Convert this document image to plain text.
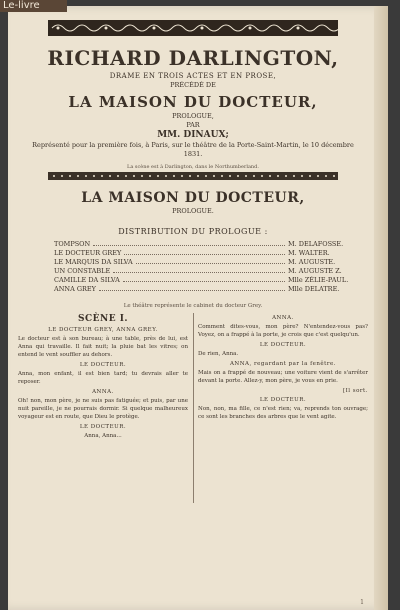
Le-livre
RICHARD DARLINGTON,
DRAME EN TROIS ACTES ET EN PROSE,
PRÉCÉDÉ DE
LA MAISON DU DOCTEUR,
PROLOGUE,
PAR
MM. DINAUX;
Représenté pour la première fois, à Paris, sur le théâtre de la Porte-Saint-Martin, le 10 décembre 1831.
La scène est à Darlington, dans le Northumberland.
LA MAISON DU DOCTEUR,
PROLOGUE.
DISTRIBUTION DU PROLOGUE :
TOMPSON	M. DELAFOSSE.
LE DOCTEUR GREY	M. WALTER.
LE MARQUIS DA SILVA	M. AUGUSTE.
UN CONSTABLE	M. AUGUSTE Z.
CAMILLE DA SILVA	Mlle ZÉLIE-PAUL.
ANNA GREY	Mlle DELATRE.
Le théâtre représente le cabinet du docteur Grey.
SCÈNE I.
LE DOCTEUR GREY, ANNA GREY.

Le docteur est à son bureau; à une table, près de lui, est Anna qui travaille. Il fait nuit; la pluie bat les vitres; on entend le vent souffler au dehors.

LE DOCTEUR.

Anna, mon enfant, il est bien tard; tu devrais aller te reposer.

ANNA.

Oh! non, mon père, je ne suis pas fatiguée; et puis, par une nuit pareille, je ne pourrais dormir. Si quelque malheureux voyageur est en route, que Dieu le protège.

LE DOCTEUR.

Anna, Anna...

ANNA.

Comment dites-vous, mon père? N'entendez-vous pas? Voyez, on a frappé à la porte, je crois que c'est quelqu'un.

LE DOCTEUR.

De rien, Anna.

ANNA, regardant par la fenêtre.

Mais on a frappé de nouveau; une voiture vient de s'arrêter devant la porte. Allez-y, mon père, je vous en prie.

[Il sort.
LE DOCTEUR.

Non, non, ma fille, ce n'est rien; va, reprends ton ouvrage; ce sont les branches des arbres que le vent agite.

1
